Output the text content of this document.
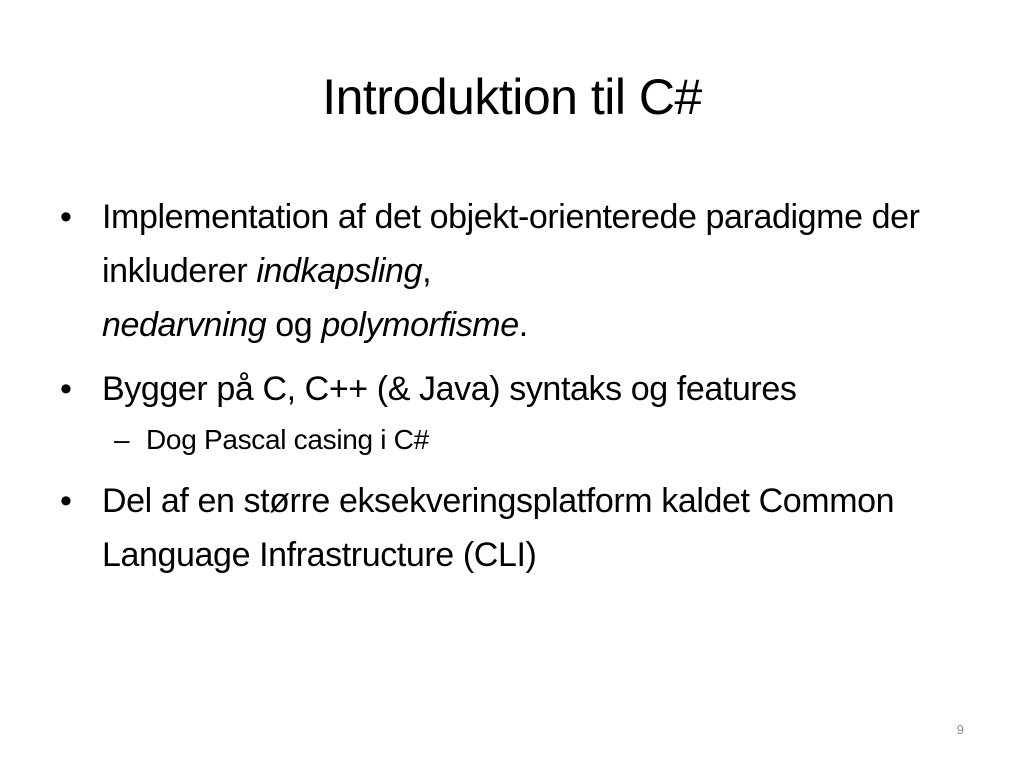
Introduktion til C#
• Implementation af det objekt-orienterede paradigme der inkluderer indkapsling,
nedarvning og polymorfisme.
• Bygger på C, C++ (& Java) syntaks og features
– Dog Pascal casing i C#
• Del af en større eksekveringsplatform kaldet Common Language Infrastructure (CLI)
9
